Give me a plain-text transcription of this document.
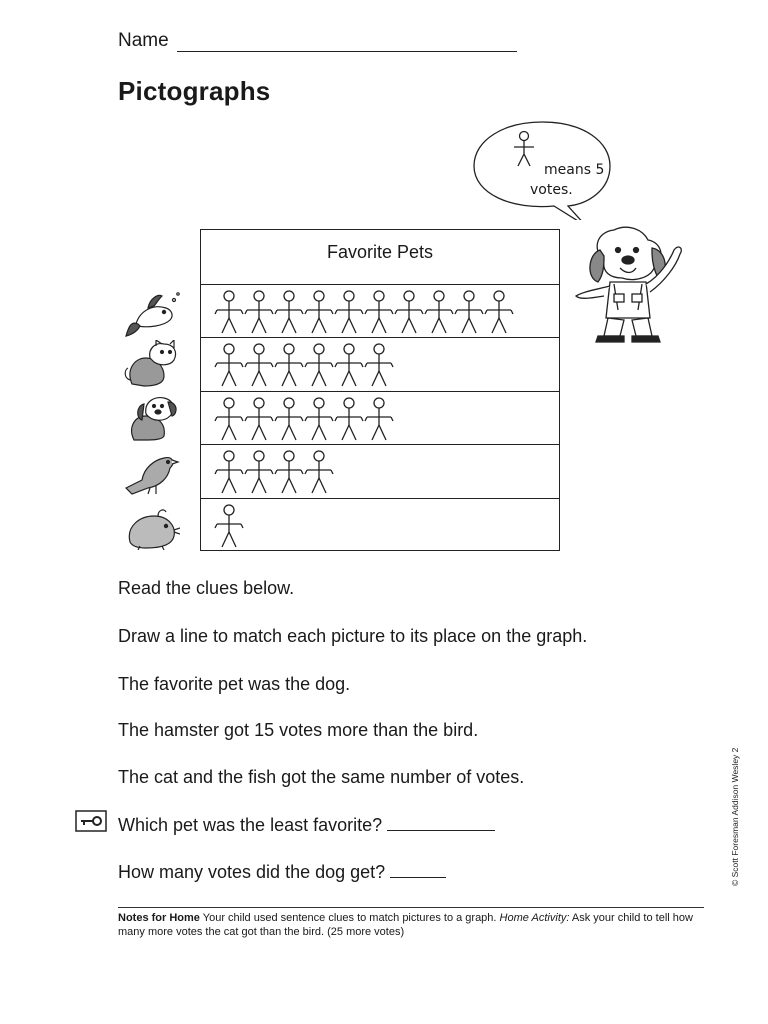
Name
Pictographs
means 5
votes.
Favorite Pets
Read the clues below.
Draw a line to match each picture to its place on the graph.
The favorite pet was the dog.
The hamster got 15 votes more than the bird.
The cat and the fish got the same number of votes.
Which pet was the least favorite?
How many votes did the dog get?	© Scott Foresman Addison Wesley 2
Notes for Home Your child used sentence clues to match pictures to a graph. Home Activity: Ask your child to tell how many more votes the cat got than the bird. (25 more votes)
